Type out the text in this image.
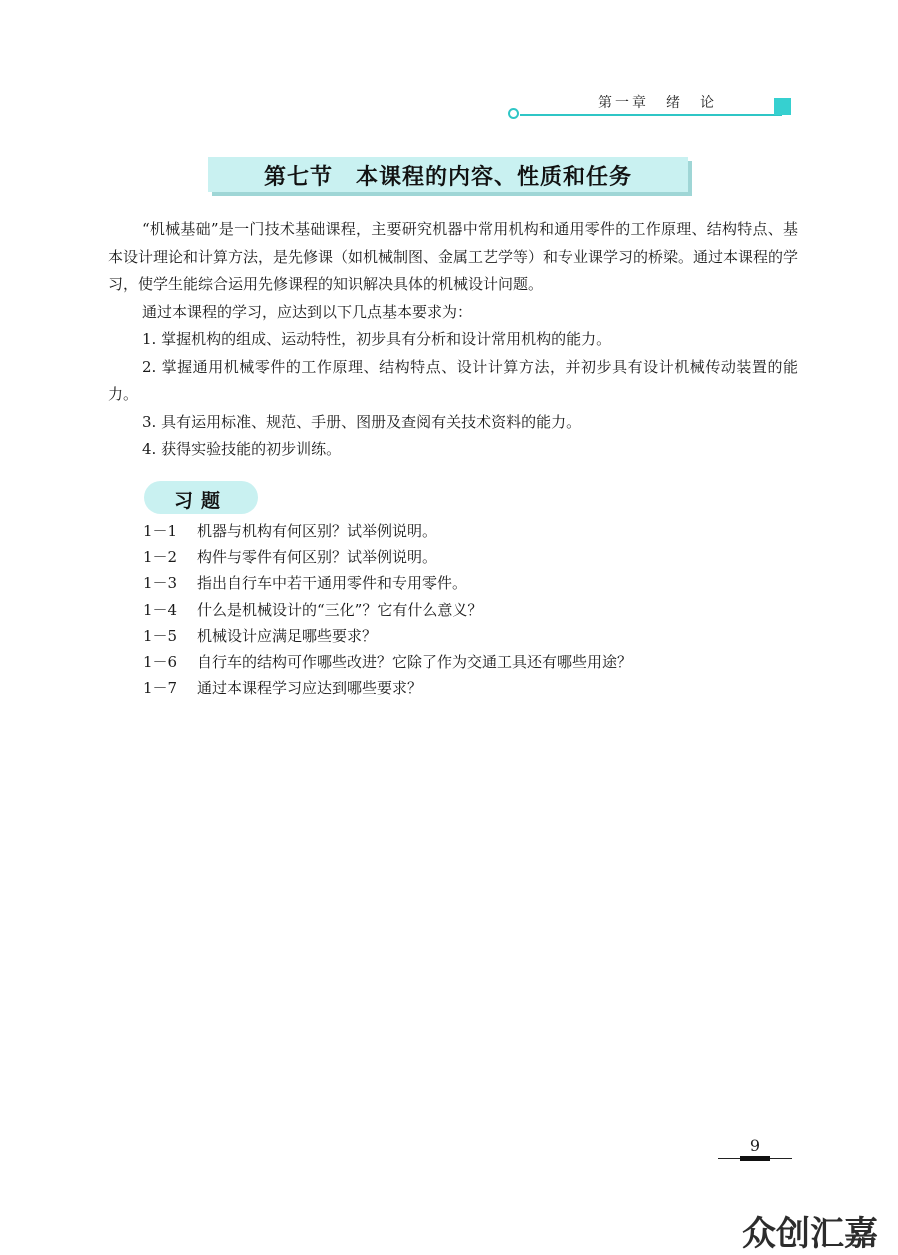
第一章　绪　论
第七节　本课程的内容、性质和任务

“机械基础”是一门技术基础课程，主要研究机器中常用机构和通用零件的工作原理、结构特点、基本设计理论和计算方法，是先修课（如机械制图、金属工艺学等）和专业课学习的桥梁。通过本课程的学习，使学生能综合运用先修课程的知识解决具体的机械设计问题。

通过本课程的学习，应达到以下几点基本要求为：

1. 掌握机构的组成、运动特性，初步具有分析和设计常用机构的能力。

2. 掌握通用机械零件的工作原理、结构特点、设计计算方法，并初步具有设计机械传动装置的能力。

3. 具有运用标准、规范、手册、图册及查阅有关技术资料的能力。

4. 获得实验技能的初步训练。

习题
1－1 机器与机构有何区别？试举例说明。
1－2 构件与零件有何区别？试举例说明。
1－3 指出自行车中若干通用零件和专用零件。
1－4 什么是机械设计的“三化”？它有什么意义？
1－5 机械设计应满足哪些要求？
1－6 自行车的结构可作哪些改进？它除了作为交通工具还有哪些用途？
1－7 通过本课程学习应达到哪些要求？
9
众创汇嘉
